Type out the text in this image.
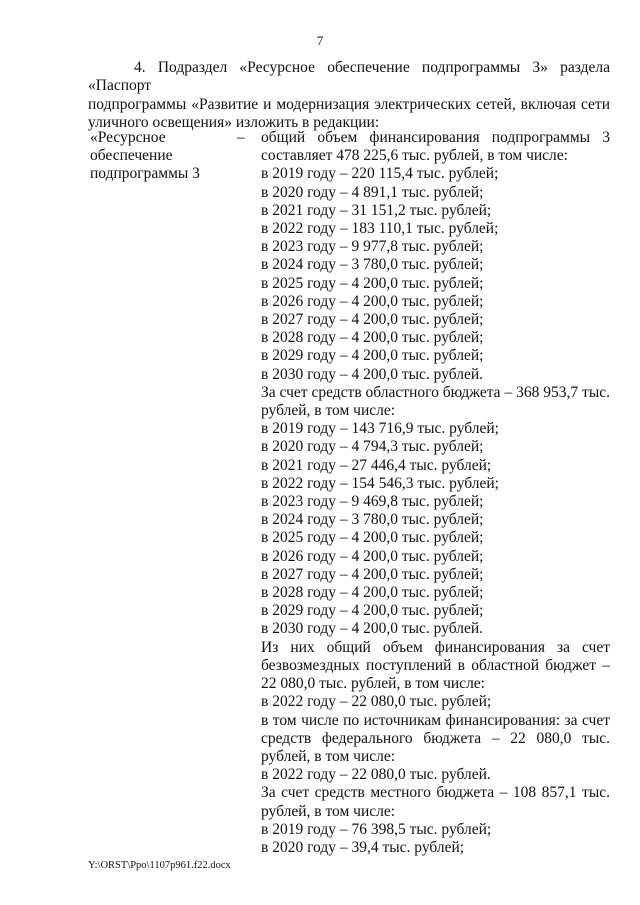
7
4. Подраздел «Ресурсное обеспечение подпрограммы 3» раздела «Паспорт
подпрограммы «Развитие и модернизация электрических сетей, включая сети
уличного освещения» изложить в редакции:
«Ресурсное
обеспечение
подпрограммы 3
– общий объем финансирования подпрограммы 3
составляет 478 225,6 тыс. рублей, в том числе:
в 2019 году – 220 115,4 тыс. рублей;
в 2020 году – 4 891,1 тыс. рублей;
в 2021 году – 31 151,2 тыс. рублей;
в 2022 году – 183 110,1 тыс. рублей;
в 2023 году – 9 977,8 тыс. рублей;
в 2024 году – 3 780,0 тыс. рублей;
в 2025 году – 4 200,0 тыс. рублей;
в 2026 году – 4 200,0 тыс. рублей;
в 2027 году – 4 200,0 тыс. рублей;
в 2028 году – 4 200,0 тыс. рублей;
в 2029 году – 4 200,0 тыс. рублей;
в 2030 году – 4 200,0 тыс. рублей.
За счет средств областного бюджета – 368 953,7 тыс.
рублей, в том числе:
в 2019 году – 143 716,9 тыс. рублей;
в 2020 году – 4 794,3 тыс. рублей;
в 2021 году – 27 446,4 тыс. рублей;
в 2022 году – 154 546,3 тыс. рублей;
в 2023 году – 9 469,8 тыс. рублей;
в 2024 году – 3 780,0 тыс. рублей;
в 2025 году – 4 200,0 тыс. рублей;
в 2026 году – 4 200,0 тыс. рублей;
в 2027 году – 4 200,0 тыс. рублей;
в 2028 году – 4 200,0 тыс. рублей;
в 2029 году – 4 200,0 тыс. рублей;
в 2030 году – 4 200,0 тыс. рублей.
Из них общий объем финансирования за счет
безвозмездных поступлений в областной бюджет –
22 080,0 тыс. рублей, в том числе:
в 2022 году – 22 080,0 тыс. рублей;
в том числе по источникам финансирования: за счет
средств федерального бюджета – 22 080,0 тыс.
рублей, в том числе:
в 2022 году – 22 080,0 тыс. рублей.
За счет средств местного бюджета – 108 857,1 тыс.
рублей, в том числе:
в 2019 году – 76 398,5 тыс. рублей;
в 2020 году – 39,4 тыс. рублей;
Y:\ORST\Ppo\1107p961.f22.docx
